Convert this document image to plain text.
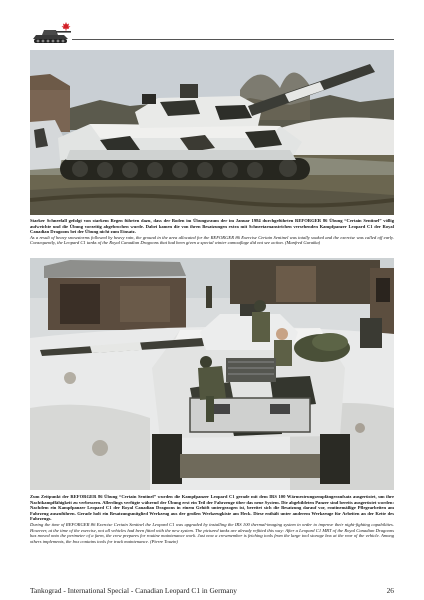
Starker Schneefall gefolgt von starkem Regen führten dazu, dass der Boden im Übungsraum der im Januar 1984 durchgeführten REFORGER 86 Übung “Certain Sentinel” völlig aufweichte und die Übung vorzeitig abgebrochen wurde. Dabei kamen die von ihren Besatzungen extra mit Schneetarnanstrichen versehenden Kampfpanzer Leopard C1 der Royal Canadian Dragoons bei der Übung nicht zum Einsatz.
As a result of heavy snowstorms followed by heavy rain, the ground in the area allocated for the REFORGER 86 Exercise Certain Sentinel was totally soaked and the exercise was called off early. Consequently, the Leopard C1 tanks of the Royal Canadian Dragoons that had been given a special winter camouflage did not see action. (Manfred Guratka)
Zum Zeitpunkt der REFORGER 86 Übung “Certain Sentinel” wurden die Kampfpanzer Leopard C1 gerade mit dem IRS 100 Wärmestrungsempfängeraufsatz ausgerüstet, um ihre Nachtkampffähigkeit zu verbessern. Allerdings verfügte während der Übung erst ein Teil der Fahrzeuge über das neue System. Die abgebildeten Panzer sind bereits ausgerüstet worden: Nachdem ein Kampfpanzer Leopard C1 der Royal Canadian Dragoons in einem Gehöft untergezogen ist, bereitet sich die Besatzung darauf vor, routinemäßige Pflegearbeiten am Fahrzeug auszuführen. Gerade holt ein Besatzungsmitglied Werkzeug aus der großen Werkzeugkiste am Heck. Diese enthält unter anderem Werkzeuge für Arbeiten an der Kette des Fahrzeugs.
During the time of REFORGER 86 Exercise Certain Sentinel the Leopard C1 was upgraded by installing the IRS 100 thermal-imaging system in order to improve their night-fighting capabilities. However, at the time of the exercise, not all vehicles had been fitted with the new system. The pictured tanks are already refitted this way: After a Leopard C1 MBT of the Royal Canadian Dragoons has moved onto the perimeter of a farm, the crew prepares for routine maintenance work. Just now a crewmember is fetching tools from the large tool storage box at the rear of the vehicle. Among others implements, the box contains tools for track maintenance. (Pierre Touzin)
Tankograd - International Special - Canadian Leopard C1 in Germany	26
